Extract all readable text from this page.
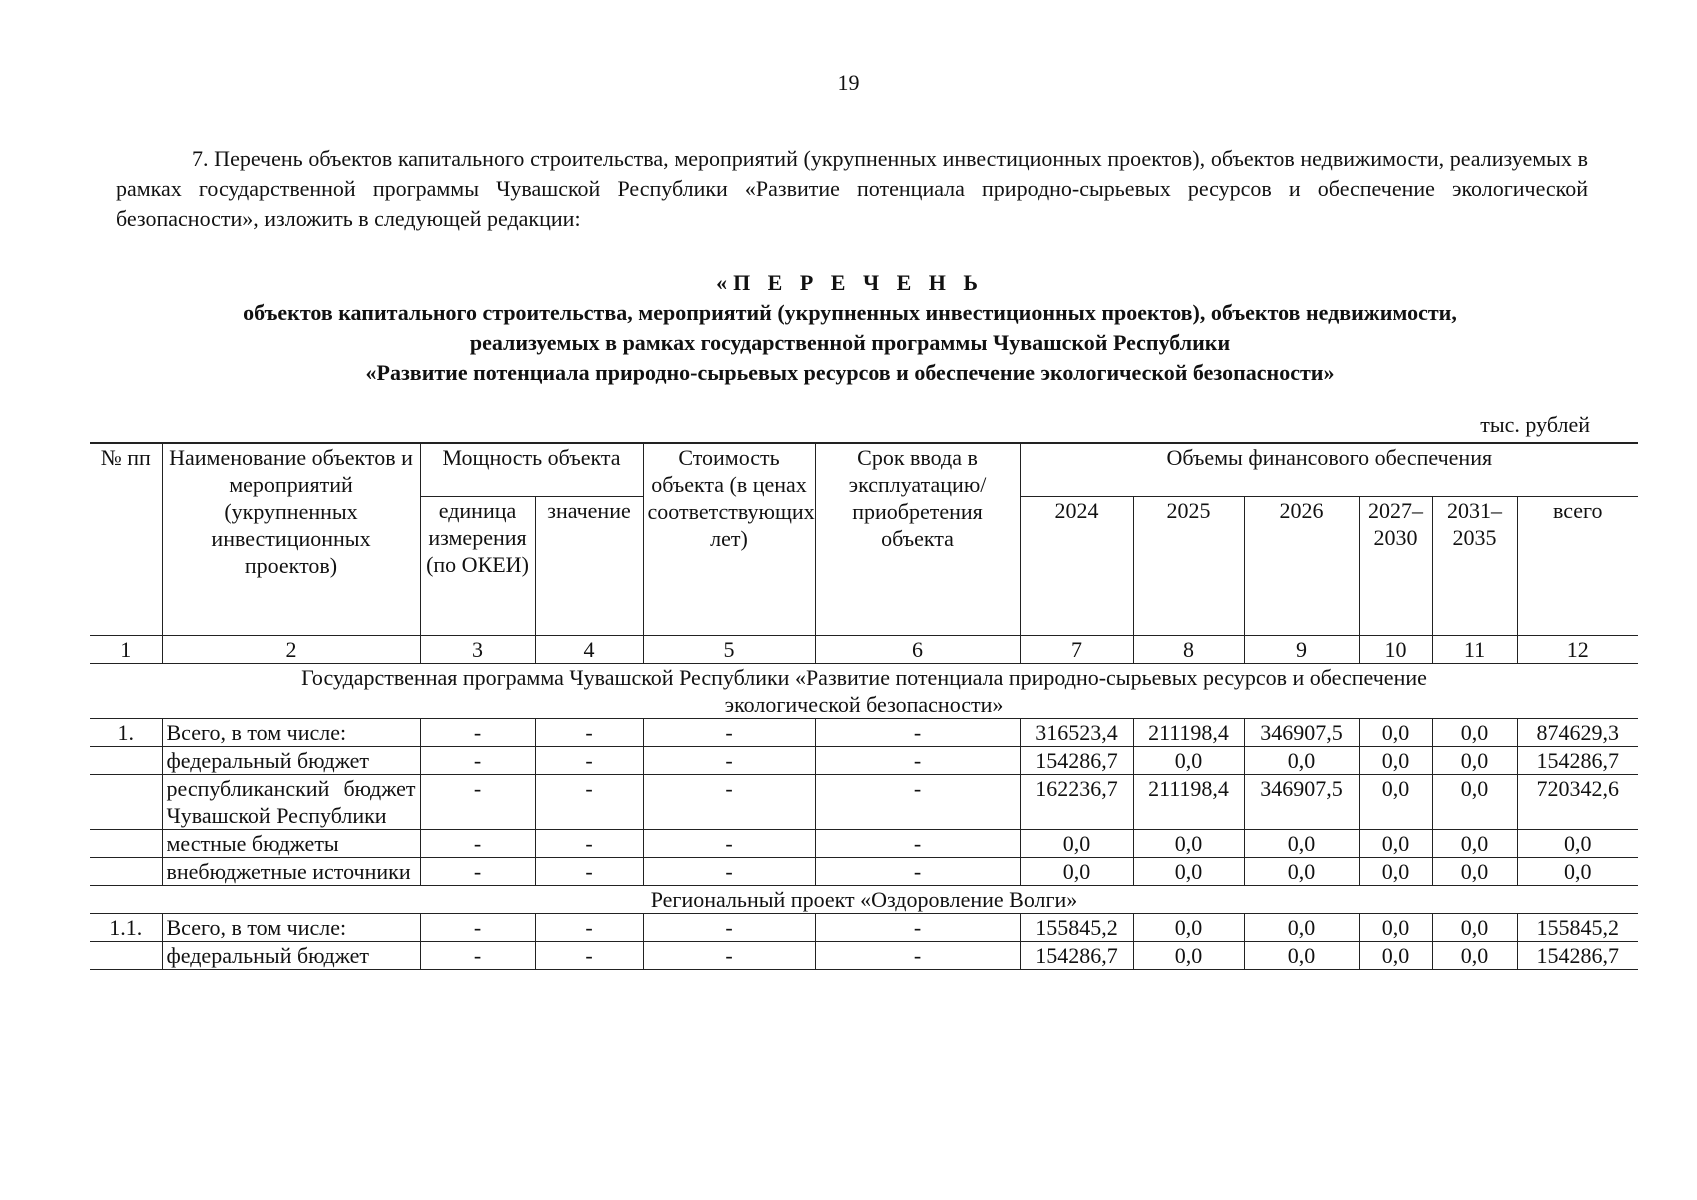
19
7. Перечень объектов капитального строительства, мероприятий (укрупненных инвестиционных проектов), объектов недвижимости, реализуемых в рамках государственной программы Чувашской Республики «Развитие потенциала природно-сырьевых ресурсов и обеспечение экологической безопасности», изложить в следующей редакции:
«П Е Р Е Ч Е Н Ь
объектов капитального строительства, мероприятий (укрупненных инвестиционных проектов), объектов недвижимости,
реализуемых в рамках государственной программы Чувашской Республики
«Развитие потенциала природно-сырьевых ресурсов и обеспечение экологической безопасности»
тыс. рублей
№ пп	Наименование объектов и мероприятий (укрупненных инвестиционных проектов)	Мощность объекта		Стоимость объекта (в ценах соответствующих лет)	Срок ввода в эксплуатацию/приобретения объекта	Объемы финансового обеспечения					
		единица измерения (по ОКЕИ)	значение			2024	2025	2026	2027–2030	2031–2035	всего

1	2	3	4	5	6	7	8	9	10	11	12
Государственная программа Чувашской Республики «Развитие потенциала природно-сырьевых ресурсов и обеспечение экологической безопасности»											
1.	Всего, в том числе:	-	-	-	-	316523,4	211198,4	346907,5	0,0	0,0	874629,3
	федеральный бюджет	-	-	-	-	154286,7	0,0	0,0	0,0	0,0	154286,7
	республиканский бюджет Чувашской Республики	-	-	-	-	162236,7	211198,4	346907,5	0,0	0,0	720342,6
	местные бюджеты	-	-	-	-	0,0	0,0	0,0	0,0	0,0	0,0
	внебюджетные источники	-	-	-	-	0,0	0,0	0,0	0,0	0,0	0,0
Региональный проект «Оздоровление Волги»											
1.1.	Всего, в том числе:	-	-	-	-	155845,2	0,0	0,0	0,0	0,0	155845,2
	федеральный бюджет	-	-	-	-	154286,7	0,0	0,0	0,0	0,0	154286,7
